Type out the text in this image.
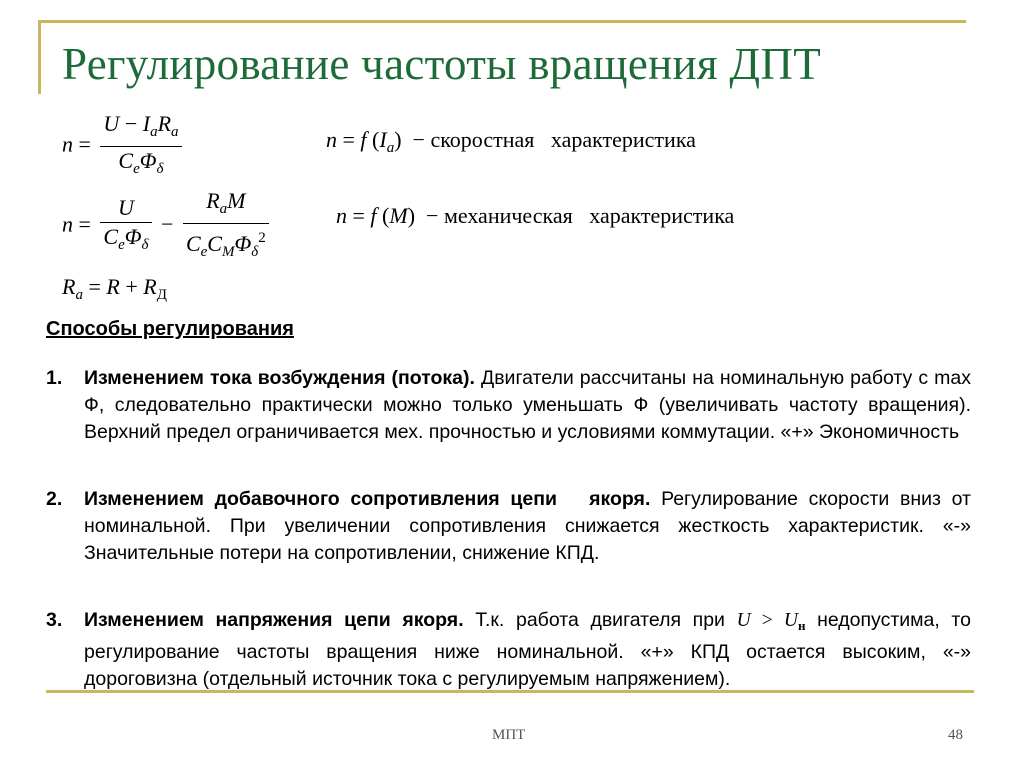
Регулирование частоты вращения ДПТ
$n = \frac{U - I_aR_a}{C_e\Phi_\delta}$	n = f $(I_a)$  − скоростная   характеристика
$n = \frac{U}{C_e\Phi_\delta} - \frac{R_aM}{C_eC_M\Phi_\delta^2}$	n = f (M)  − механическая   характеристика
$R_a = R + R_Д$
Способы регулирования
1. Изменением тока возбуждения (потока). Двигатели рассчитаны на номинальную работу с max Ф, следовательно практически можно только уменьшать Ф (увеличивать частоту вращения). Верхний предел ограничивается мех. прочностью и условиями коммутации. «+» Экономичность
2. Изменением добавочного сопротивления цепи   якоря. Регулирование скорости вниз от номинальной. При увеличении сопротивления снижается жесткость характеристик. «-» Значительные потери на сопротивлении, снижение КПД.
3. Изменением напряжения цепи якоря. Т.к. работа двигателя при $U > U_н$ недопустима, то регулирование частоты вращения ниже номинальной. «+» КПД остается высоким, «-» дороговизна (отдельный источник тока с регулируемым напряжением).
МПТ	48
